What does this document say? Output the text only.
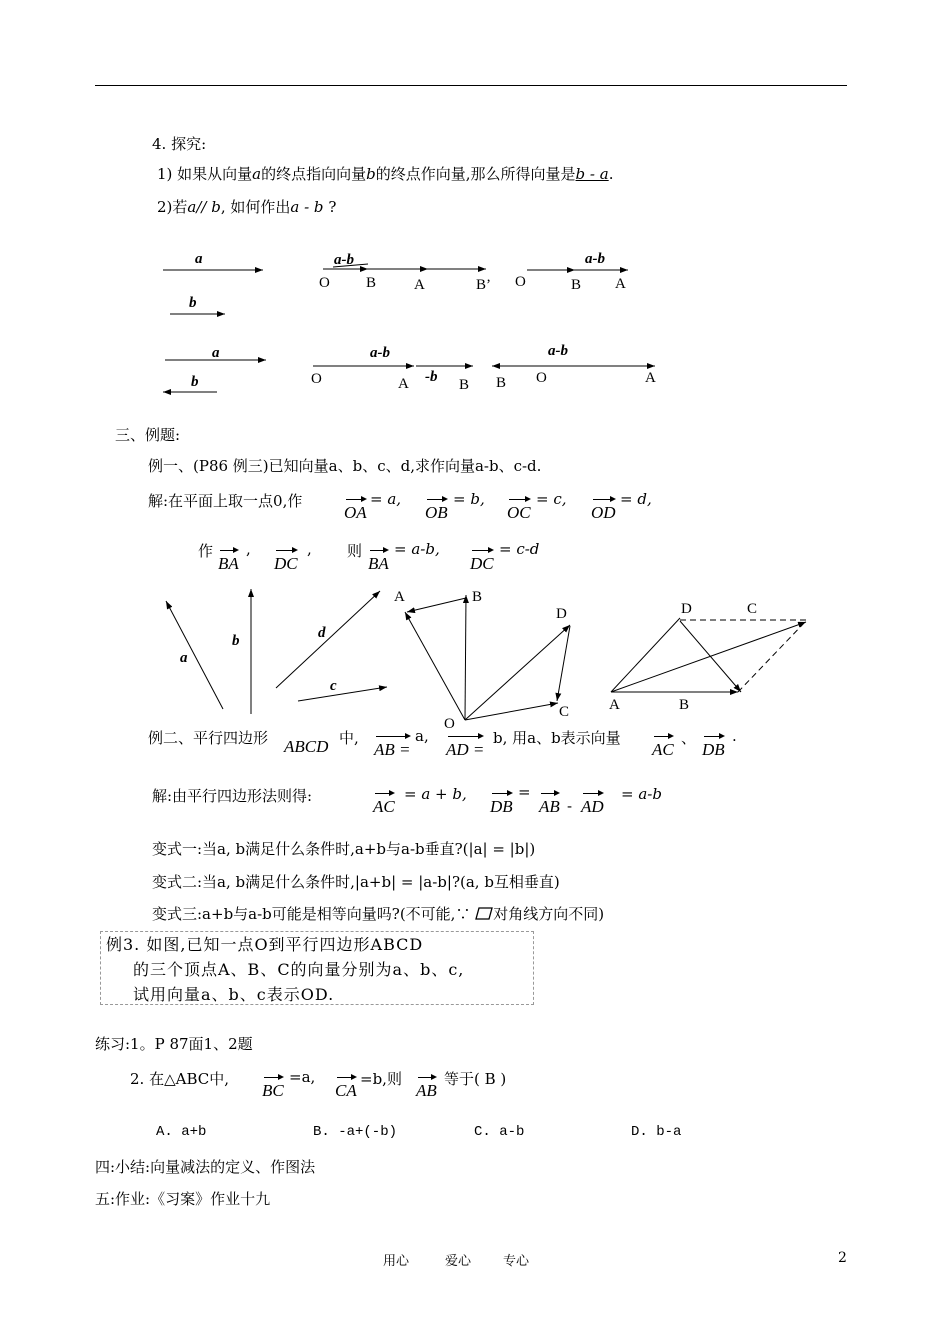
4. 探究:
1) 如果从向量a的终点指向向量b的终点作向量,那么所得向量是b - a.
2)若a// b, 如何作出a - b ?
a
b
a-b
O B	A	B’
a-b
O	B A
a
b
a-b
-b
O	A	B
a-b
B O	A
三、例题:
例一、(P86 例三)已知向量a、b、c、d,求作向量a-b、c-d.
解:在平面上取一点0,作
OA
= a,
OB
= b,
OC
= c,
OD
= d,
作
BA
,
DC
, 则
BA
= a-b,
DC
= c-d
a
b	d
c
A	B
D
C
D	C
A	B
O
例二、平行四边形 ABCD 中,
AB =
a,
AD =
b, 用a、b表示向量
AC
、
DB
.
解:由平行四边形法则得:
AC
= a + b,
DB
=
AB - AD
= a-b
变式一:当a, b满足什么条件时,a+b与a-b垂直?(|a| = |b|)
变式二:当a, b满足什么条件时,|a+b| = |a-b|?(a, b互相垂直)
变式三:a+b与a-b可能是相等向量吗?(不可能,∵ 对角线方向不同)
例3. 如图,已知一点O到平行四边形ABCD
的三个顶点A、B、C的向量分别为a、b、c,
试用向量a、b、c表示OD.
练习:1。P 87面1、2题
2. 在△ABC中,
BC
=a,
CA
=b,则
AB
等于( B )
A. a+b	B. -a+(-b)	C. a-b	D. b-a
四:小结:向量减法的定义、作图法
五:作业:《习案》作业十九
用心	爱心 专心	2
